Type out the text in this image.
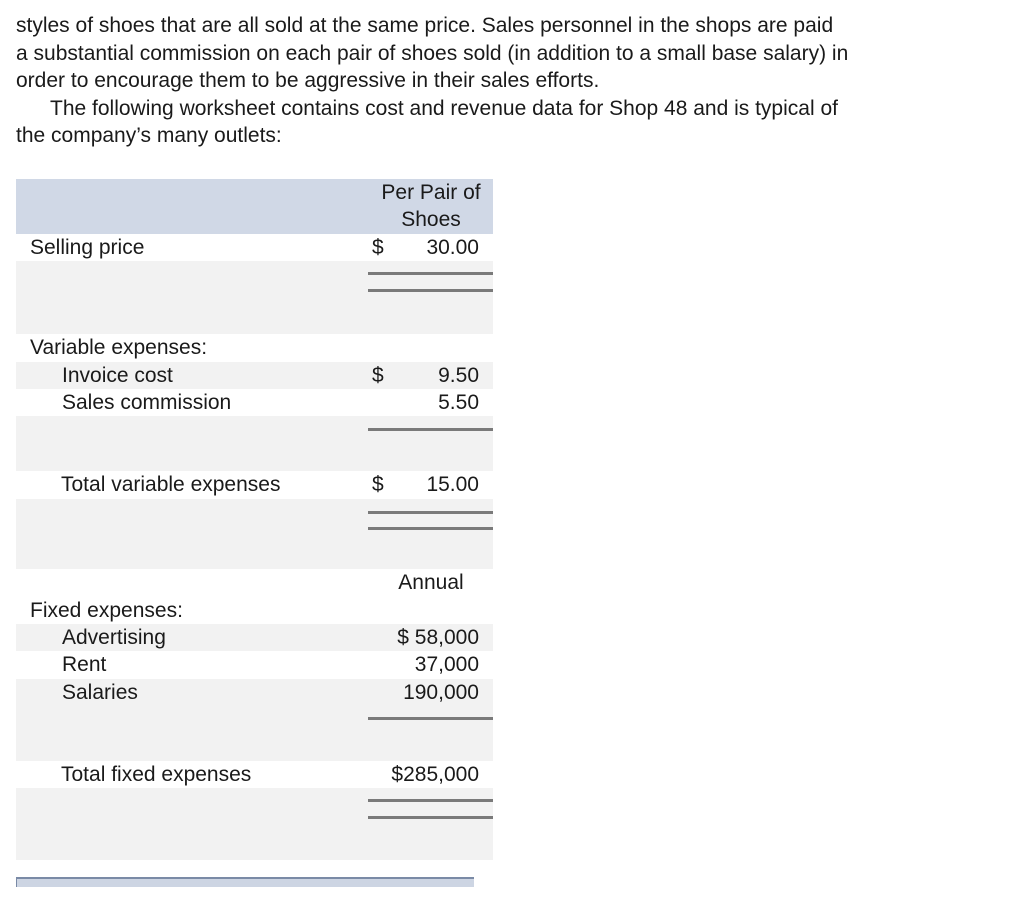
styles of shoes that are all sold at the same price. Sales personnel in the shops are paid

a substantial commission on each pair of shoes sold (in addition to a small base salary) in

order to encourage them to be aggressive in their sales efforts.

The following worksheet contains cost and revenue data for Shop 48 and is typical of

the company’s many outlets:

Per Pair of
Shoes
Selling price	$ 30.00
Variable expenses:
Invoice cost	$	9.50
Sales commission	5.50
Total variable expenses	$ 15.00
Annual
Fixed expenses:
Advertising	$ 58,000
Rent	37,000
Salaries	190,000
Total fixed expenses	$285,000
